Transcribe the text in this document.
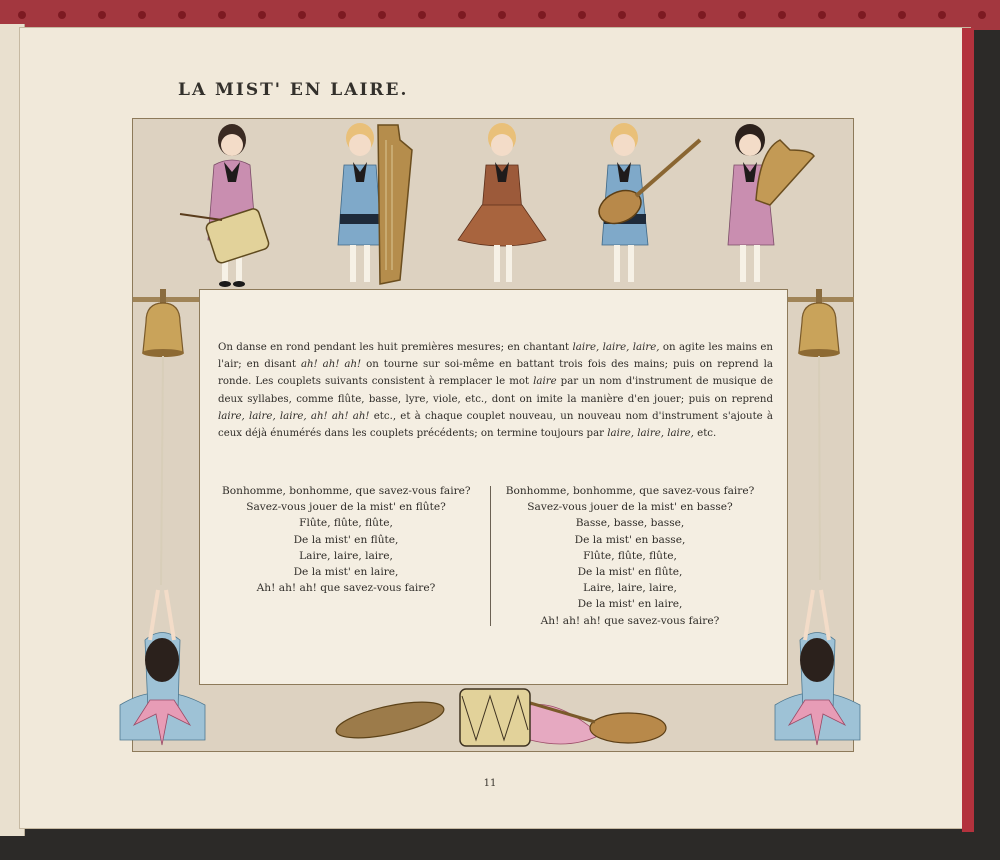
LA MIST' EN LAIRE.

On danse en rond pendant les huit premières mesures; en chantant laire, laire, laire, on agite les mains en l'air; en disant ah! ah! ah! on tourne sur soi-même en battant trois fois des mains; puis on reprend la ronde. Les couplets suivants consistent à remplacer le mot laire par un nom d'instrument de musique de deux syllabes, comme flûte, basse, lyre, viole, etc., dont on imite la manière d'en jouer; puis on reprend laire, laire, laire, ah! ah! ah! etc., et à chaque couplet nouveau, un nouveau nom d'instrument s'ajoute à ceux déjà énumérés dans les couplets précédents; on termine toujours par laire, laire, laire, etc.

Bonhomme, bonhomme, que savez-vous faire?
Savez-vous jouer de la mist' en flûte?
Flûte, flûte, flûte,
De la mist' en flûte,
Laire, laire, laire,
De la mist' en laire,
Ah! ah! ah! que savez-vous faire?
Bonhomme, bonhomme, que savez-vous faire?
Savez-vous jouer de la mist' en basse?
Basse, basse, basse,
De la mist' en basse,
Flûte, flûte, flûte,
De la mist' en flûte,
Laire, laire, laire,
De la mist' en laire,
Ah! ah! ah! que savez-vous faire?
11
